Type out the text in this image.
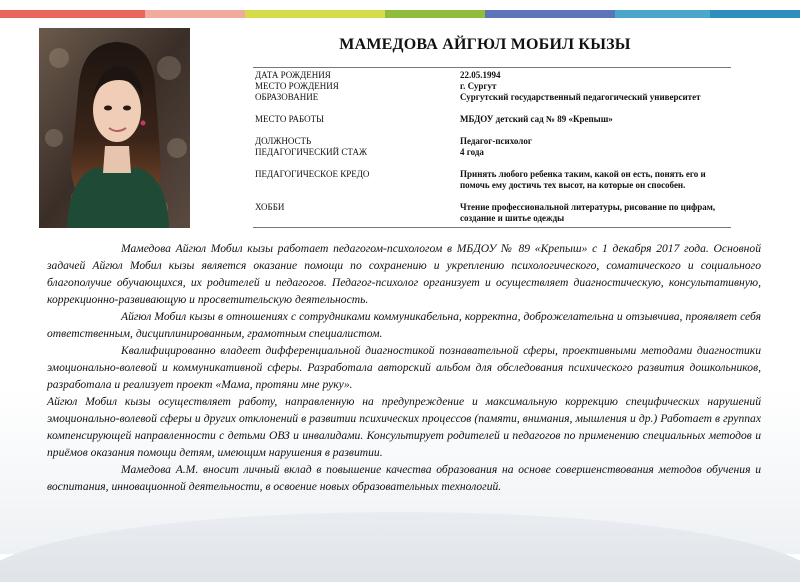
МАМЕДОВА АЙГЮЛ МОБИЛ КЫЗЫ
ДАТА РОЖДЕНИЯ	22.05.1994
МЕСТО РОЖДЕНИЯ	г. Сургут
ОБРАЗОВАНИЕ	Сургутский государственный педагогический университет
МЕСТО РАБОТЫ	МБДОУ детский сад № 89 «Крепыш»
ДОЛЖНОСТЬ	Педагог-психолог
ПЕДАГОГИЧЕСКИЙ СТАЖ	4 года
ПЕДАГОГИЧЕСКОЕ КРЕДО	Принять любого ребенка таким, какой он есть, понять его и помочь ему достичь тех высот, на которые он способен.
ХОББИ	Чтение профессиональной литературы, рисование по цифрам, создание и шитье одежды

Мамедова Айгюл Мобил кызы работает педагогом-психологом в МБДОУ № 89 «Крепыш» с 1 декабря 2017 года. Основной задачей Айгюл Мобил кызы является оказание помощи по сохранению и укреплению психологического, соматического и социального благополучие обучающихся, их родителей и педагогов. Педагог-психолог организует и осуществляет диагностическую, консультативную, коррекционно-развивающую и просветительскую деятельность.

Айгюл Мобил кызы в отношениях с сотрудниками коммуникабельна, корректна, доброжелательна и отзывчива, проявляет себя ответственным, дисциплинированным, грамотным специалистом.

Квалифицированно владеет дифференциальной диагностикой познавательной сферы, проективными методами диагностики эмоционально-волевой и коммуникативной сферы. Разработала авторский альбом для обследования психического развития дошкольников, разработала и реализует проект «Мама, протяни мне руку».

Айгюл Мобил кызы осуществляет работу, направленную на предупреждение и максимальную коррекцию специфических нарушений эмоционально-волевой сферы и других отклонений в развитии психических процессов (памяти, внимания, мышления и др.) Работает в группах компенсирующей направленности с детьми ОВЗ и инвалидами. Консультирует родителей и педагогов по применению специальных методов и приёмов оказания помощи детям, имеющим нарушения в развитии.

Мамедова А.М. вносит личный вклад в повышение качества образования на основе совершенствования методов обучения и воспитания, инновационной деятельности, в освоение новых образовательных технологий.
